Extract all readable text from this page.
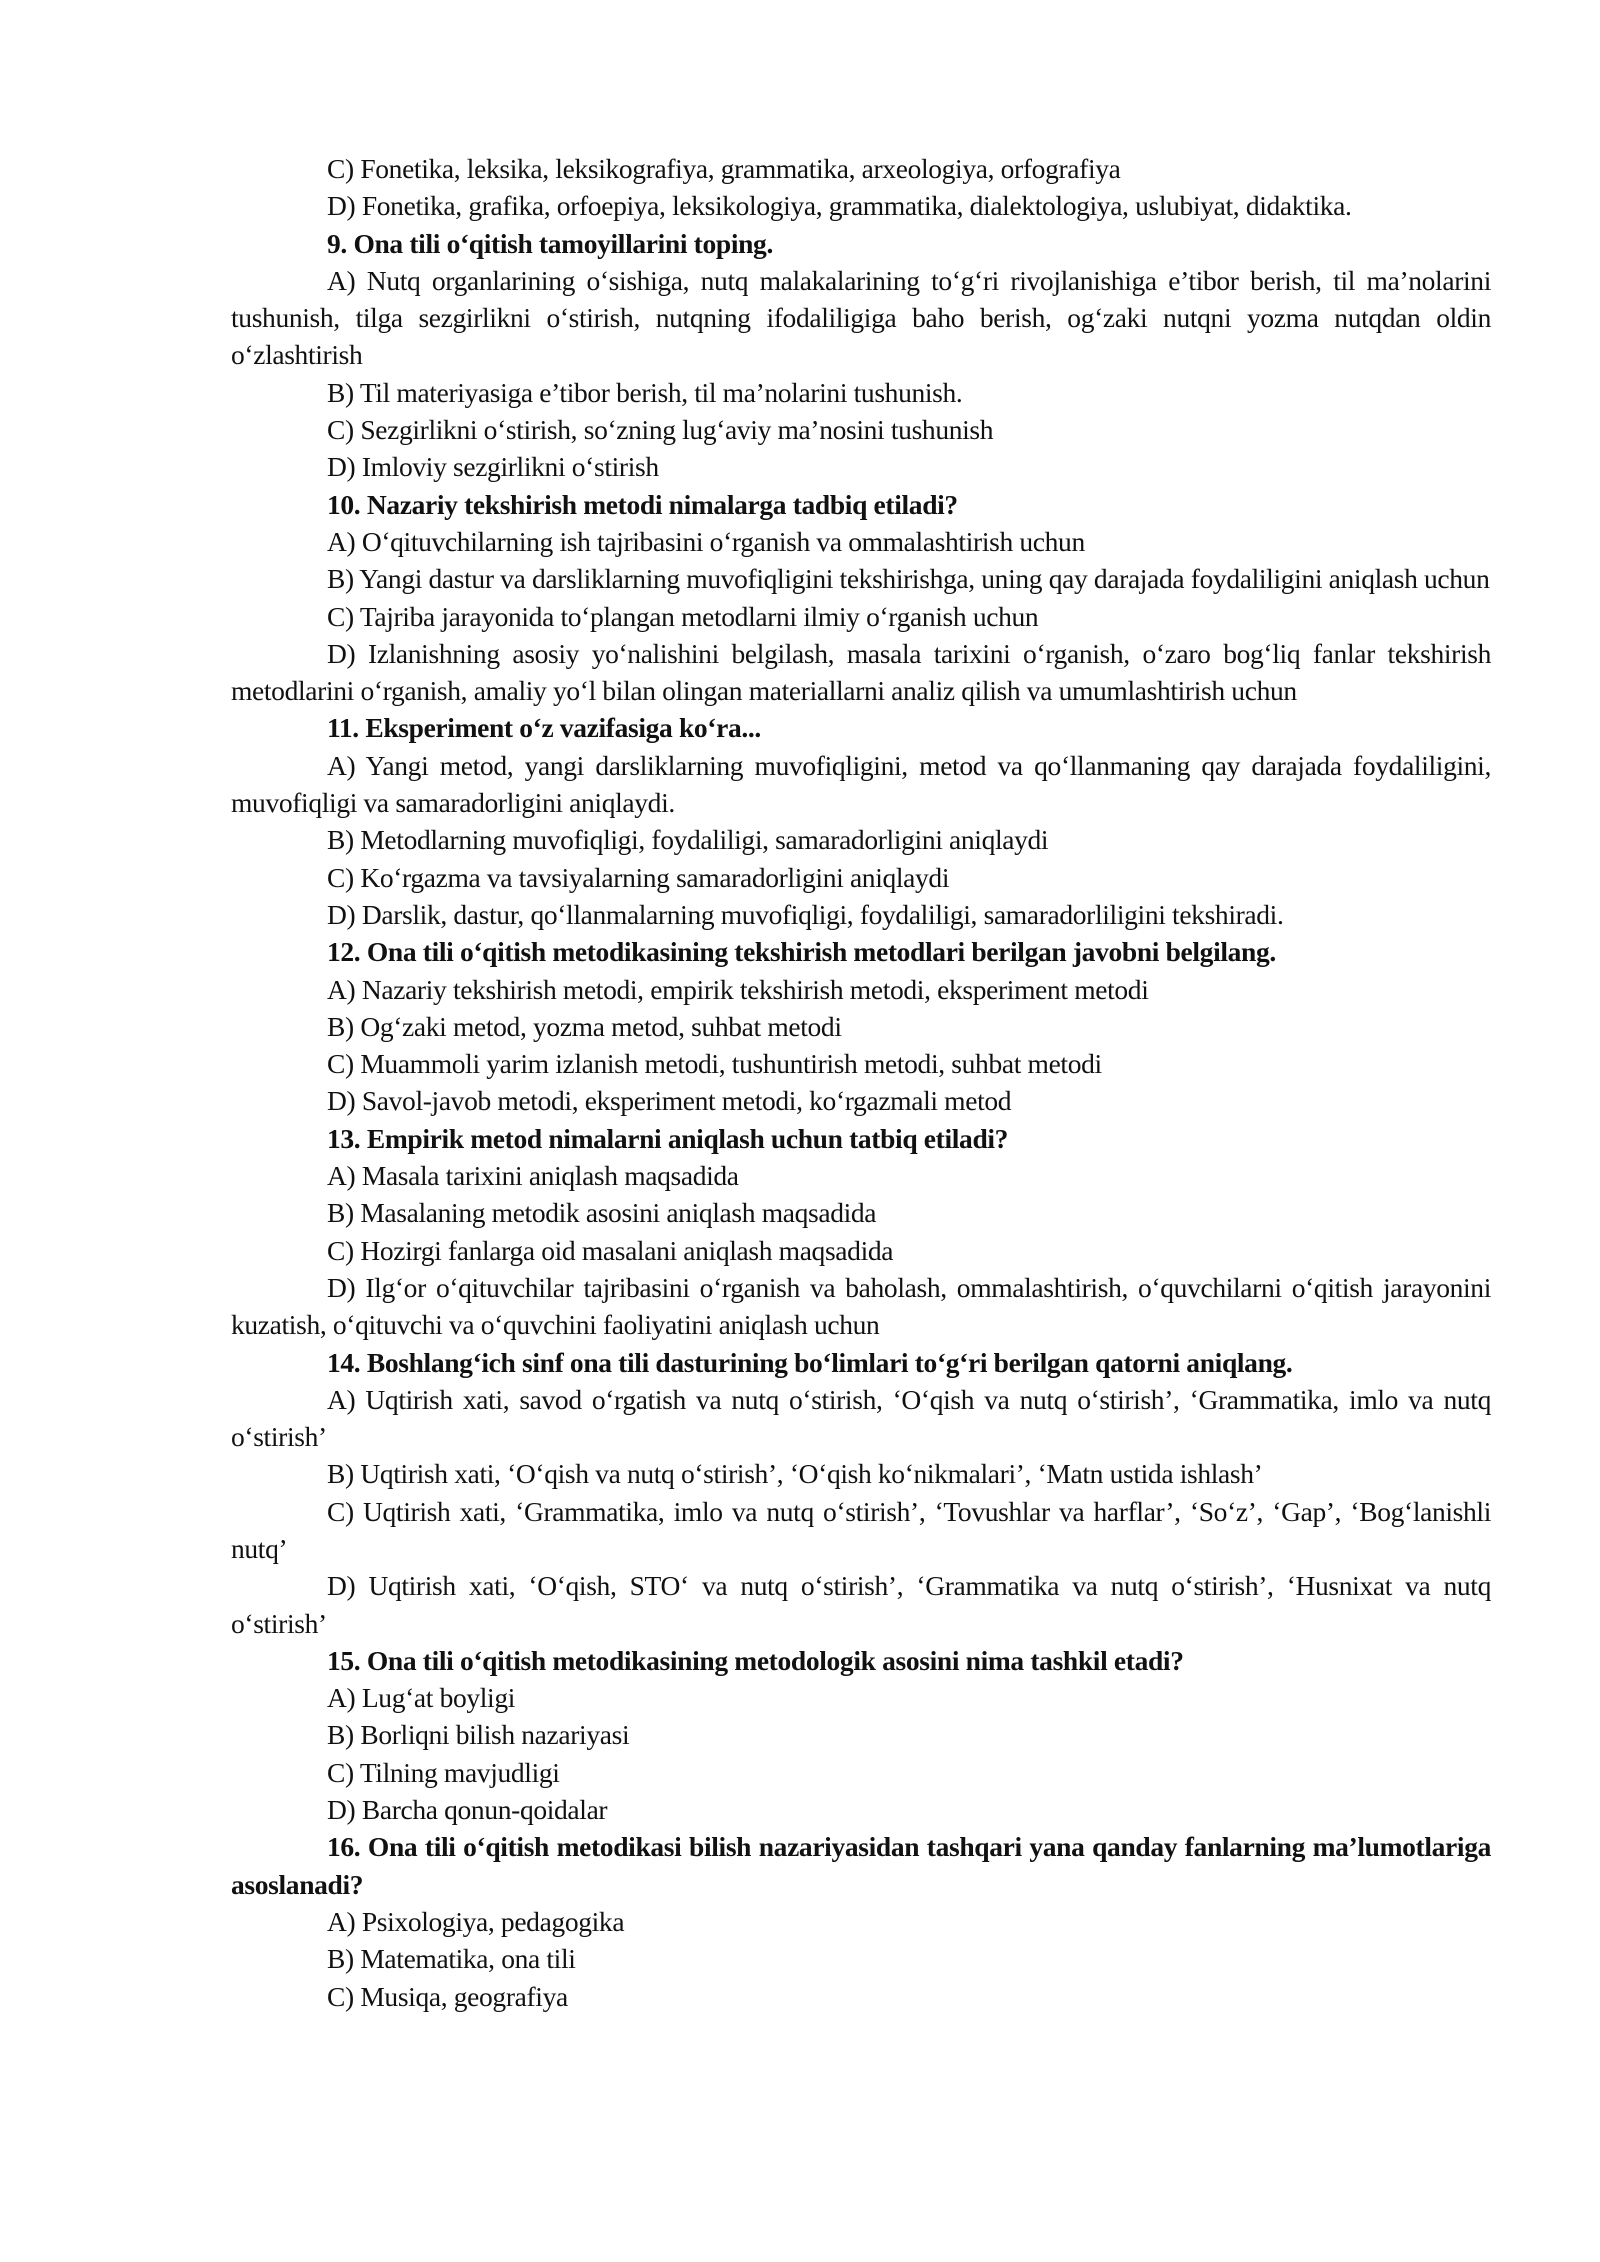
C) Fonetika, leksika, leksikografiya, grammatika, arxeologiya, orfografiya

D) Fonetika, grafika, orfoepiya, leksikologiya, grammatika, dialektologiya, uslubiyat, didaktika.

9. Ona tili o‘qitish tamoyillarini toping.

A) Nutq organlarining o‘sishiga, nutq malakalarining to‘g‘ri rivojlanishiga e’tibor berish, til ma’nolarini tushunish, tilga sezgirlikni o‘stirish, nutqning ifodaliligiga baho berish, og‘zaki nutqni yozma nutqdan oldin o‘zlashtirish

B) Til materiyasiga e’tibor berish, til ma’nolarini tushunish.

C) Sezgirlikni o‘stirish, so‘zning lug‘aviy ma’nosini tushunish

D) Imloviy sezgirlikni o‘stirish

10. Nazariy tekshirish metodi nimalarga tadbiq etiladi?

A) O‘qituvchilarning ish tajribasini o‘rganish va ommalashtirish uchun

B) Yangi dastur va darsliklarning muvofiqligini tekshirishga, uning qay darajada foydaliligini aniqlash uchun

C) Tajriba jarayonida to‘plangan metodlarni ilmiy o‘rganish uchun

D) Izlanishning asosiy yo‘nalishini belgilash, masala tarixini o‘rganish, o‘zaro bog‘liq fanlar tekshirish metodlarini o‘rganish, amaliy yo‘l bilan olingan materiallarni analiz qilish va umumlashtirish uchun

11. Eksperiment o‘z vazifasiga ko‘ra...

A) Yangi metod, yangi darsliklarning muvofiqligini, metod va qo‘llanmaning qay darajada foydaliligini, muvofiqligi va samaradorligini aniqlaydi.

B) Metodlarning muvofiqligi, foydaliligi, samaradorligini aniqlaydi

C) Ko‘rgazma va tavsiyalarning samaradorligini aniqlaydi

D) Darslik, dastur, qo‘llanmalarning muvofiqligi, foydaliligi, samaradorliligini tekshiradi.

12. Ona tili o‘qitish metodikasining tekshirish metodlari berilgan javobni belgilang.

A) Nazariy tekshirish metodi, empirik tekshirish metodi, eksperiment metodi

B) Og‘zaki metod, yozma metod, suhbat metodi

C) Muammoli yarim izlanish metodi, tushuntirish metodi, suhbat metodi

D) Savol-javob metodi, eksperiment metodi, ko‘rgazmali metod

13. Empirik metod nimalarni aniqlash uchun tatbiq etiladi?

A) Masala tarixini aniqlash maqsadida

B) Masalaning metodik asosini aniqlash maqsadida

C) Hozirgi fanlarga oid masalani aniqlash maqsadida

D) Ilg‘or o‘qituvchilar tajribasini o‘rganish va baholash, ommalashtirish, o‘quvchilarni o‘qitish jarayonini kuzatish, o‘qituvchi va o‘quvchini faoliyatini aniqlash uchun

14. Boshlang‘ich sinf ona tili dasturining bo‘limlari to‘g‘ri berilgan qatorni aniqlang.

A) Uqtirish xati, savod o‘rgatish va nutq o‘stirish, ‘O‘qish va nutq o‘stirish’, ‘Grammatika, imlo va nutq o‘stirish’

B) Uqtirish xati, ‘O‘qish va nutq o‘stirish’, ‘O‘qish ko‘nikmalari’, ‘Matn ustida ishlash’

C) Uqtirish xati, ‘Grammatika, imlo va nutq o‘stirish’, ‘Tovushlar va harflar’, ‘So‘z’, ‘Gap’, ‘Bog‘lanishli nutq’

D) Uqtirish xati, ‘O‘qish, STO‘ va nutq o‘stirish’, ‘Grammatika va nutq o‘stirish’, ‘Husnixat va nutq o‘stirish’

15. Ona tili o‘qitish metodikasining metodologik asosini nima tashkil etadi?

A) Lug‘at boyligi

B) Borliqni bilish nazariyasi

C) Tilning mavjudligi

D) Barcha qonun-qoidalar

16. Ona tili o‘qitish metodikasi bilish nazariyasidan tashqari yana qanday fanlarning ma’lumotlariga asoslanadi?

A) Psixologiya, pedagogika

B) Matematika, ona tili

C) Musiqa, geografiya
